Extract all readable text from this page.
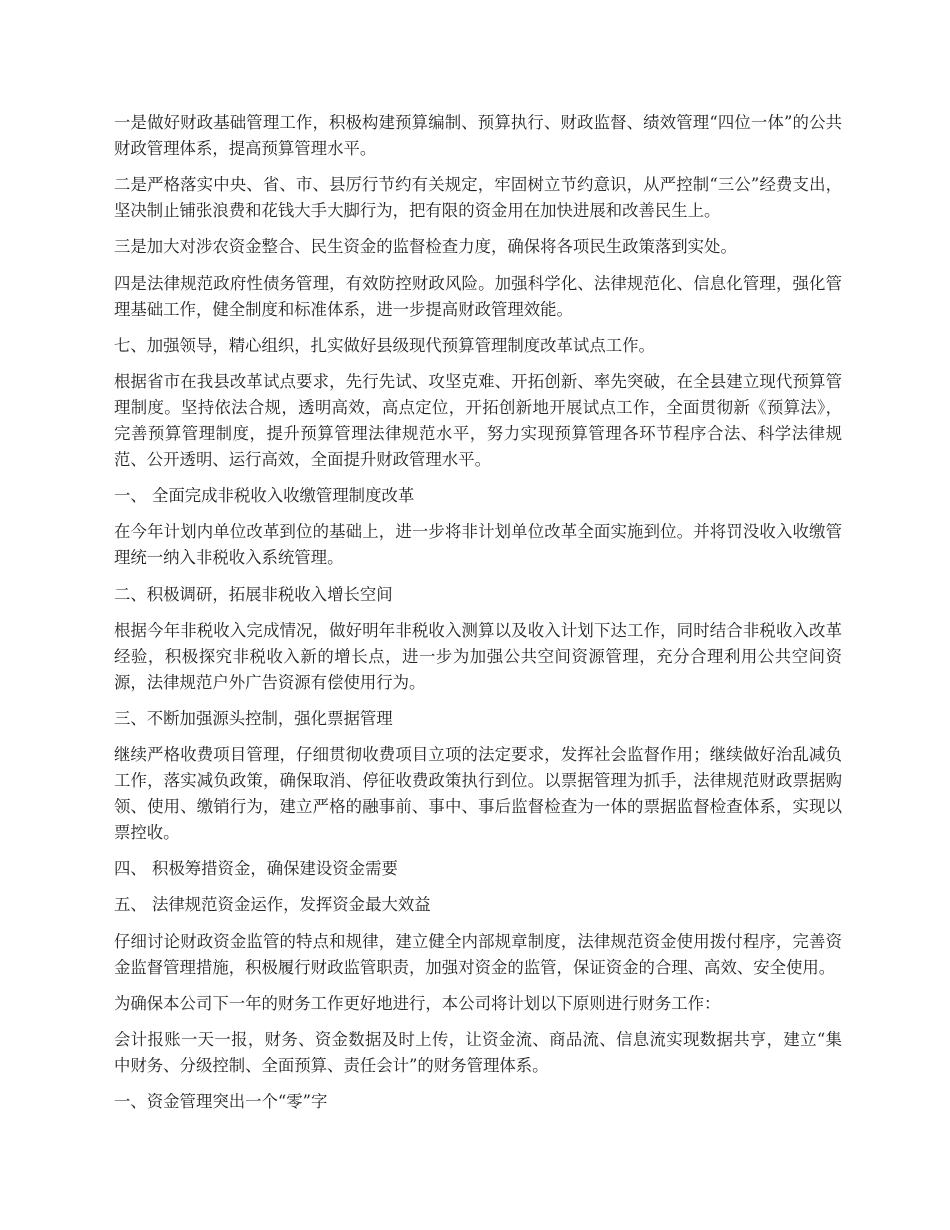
一是做好财政基础管理工作，积极构建预算编制、预算执行、财政监督、绩效管理“四位一体”的公共财政管理体系，提高预算管理水平。

二是严格落实中央、省、市、县厉行节约有关规定，牢固树立节约意识，从严控制“三公”经费支出，坚决制止铺张浪费和花钱大手大脚行为，把有限的资金用在加快进展和改善民生上。

三是加大对涉农资金整合、民生资金的监督检查力度，确保将各项民生政策落到实处。

四是法律规范政府性债务管理，有效防控财政风险。加强科学化、法律规范化、信息化管理，强化管理基础工作，健全制度和标准体系，进一步提高财政管理效能。

七、加强领导，精心组织，扎实做好县级现代预算管理制度改革试点工作。

根据省市在我县改革试点要求，先行先试、攻坚克难、开拓创新、率先突破，在全县建立现代预算管理制度。坚持依法合规，透明高效，高点定位，开拓创新地开展试点工作，全面贯彻新《预算法》，完善预算管理制度，提升预算管理法律规范水平，努力实现预算管理各环节程序合法、科学法律规范、公开透明、运行高效，全面提升财政管理水平。

一、 全面完成非税收入收缴管理制度改革

在今年计划内单位改革到位的基础上，进一步将非计划单位改革全面实施到位。并将罚没收入收缴管理统一纳入非税收入系统管理。

二、积极调研，拓展非税收入增长空间

根据今年非税收入完成情况，做好明年非税收入测算以及收入计划下达工作，同时结合非税收入改革经验，积极探究非税收入新的增长点，进一步为加强公共空间资源管理，充分合理利用公共空间资源，法律规范户外广告资源有偿使用行为。

三、不断加强源头控制，强化票据管理

继续严格收费项目管理，仔细贯彻收费项目立项的法定要求，发挥社会监督作用；继续做好治乱减负工作，落实减负政策，确保取消、停征收费政策执行到位。以票据管理为抓手，法律规范财政票据购领、使用、缴销行为，建立严格的融事前、事中、事后监督检查为一体的票据监督检查体系，实现以票控收。

四、 积极筹措资金，确保建设资金需要

五、 法律规范资金运作，发挥资金最大效益

仔细讨论财政资金监管的特点和规律，建立健全内部规章制度，法律规范资金使用拨付程序，完善资金监督管理措施，积极履行财政监管职责，加强对资金的监管，保证资金的合理、高效、安全使用。

为确保本公司下一年的财务工作更好地进行，本公司将计划以下原则进行财务工作：

会计报账一天一报，财务、资金数据及时上传，让资金流、商品流、信息流实现数据共亨，建立“集中财务、分级控制、全面预算、责任会计”的财务管理体系。

一、资金管理突出一个“零”字
